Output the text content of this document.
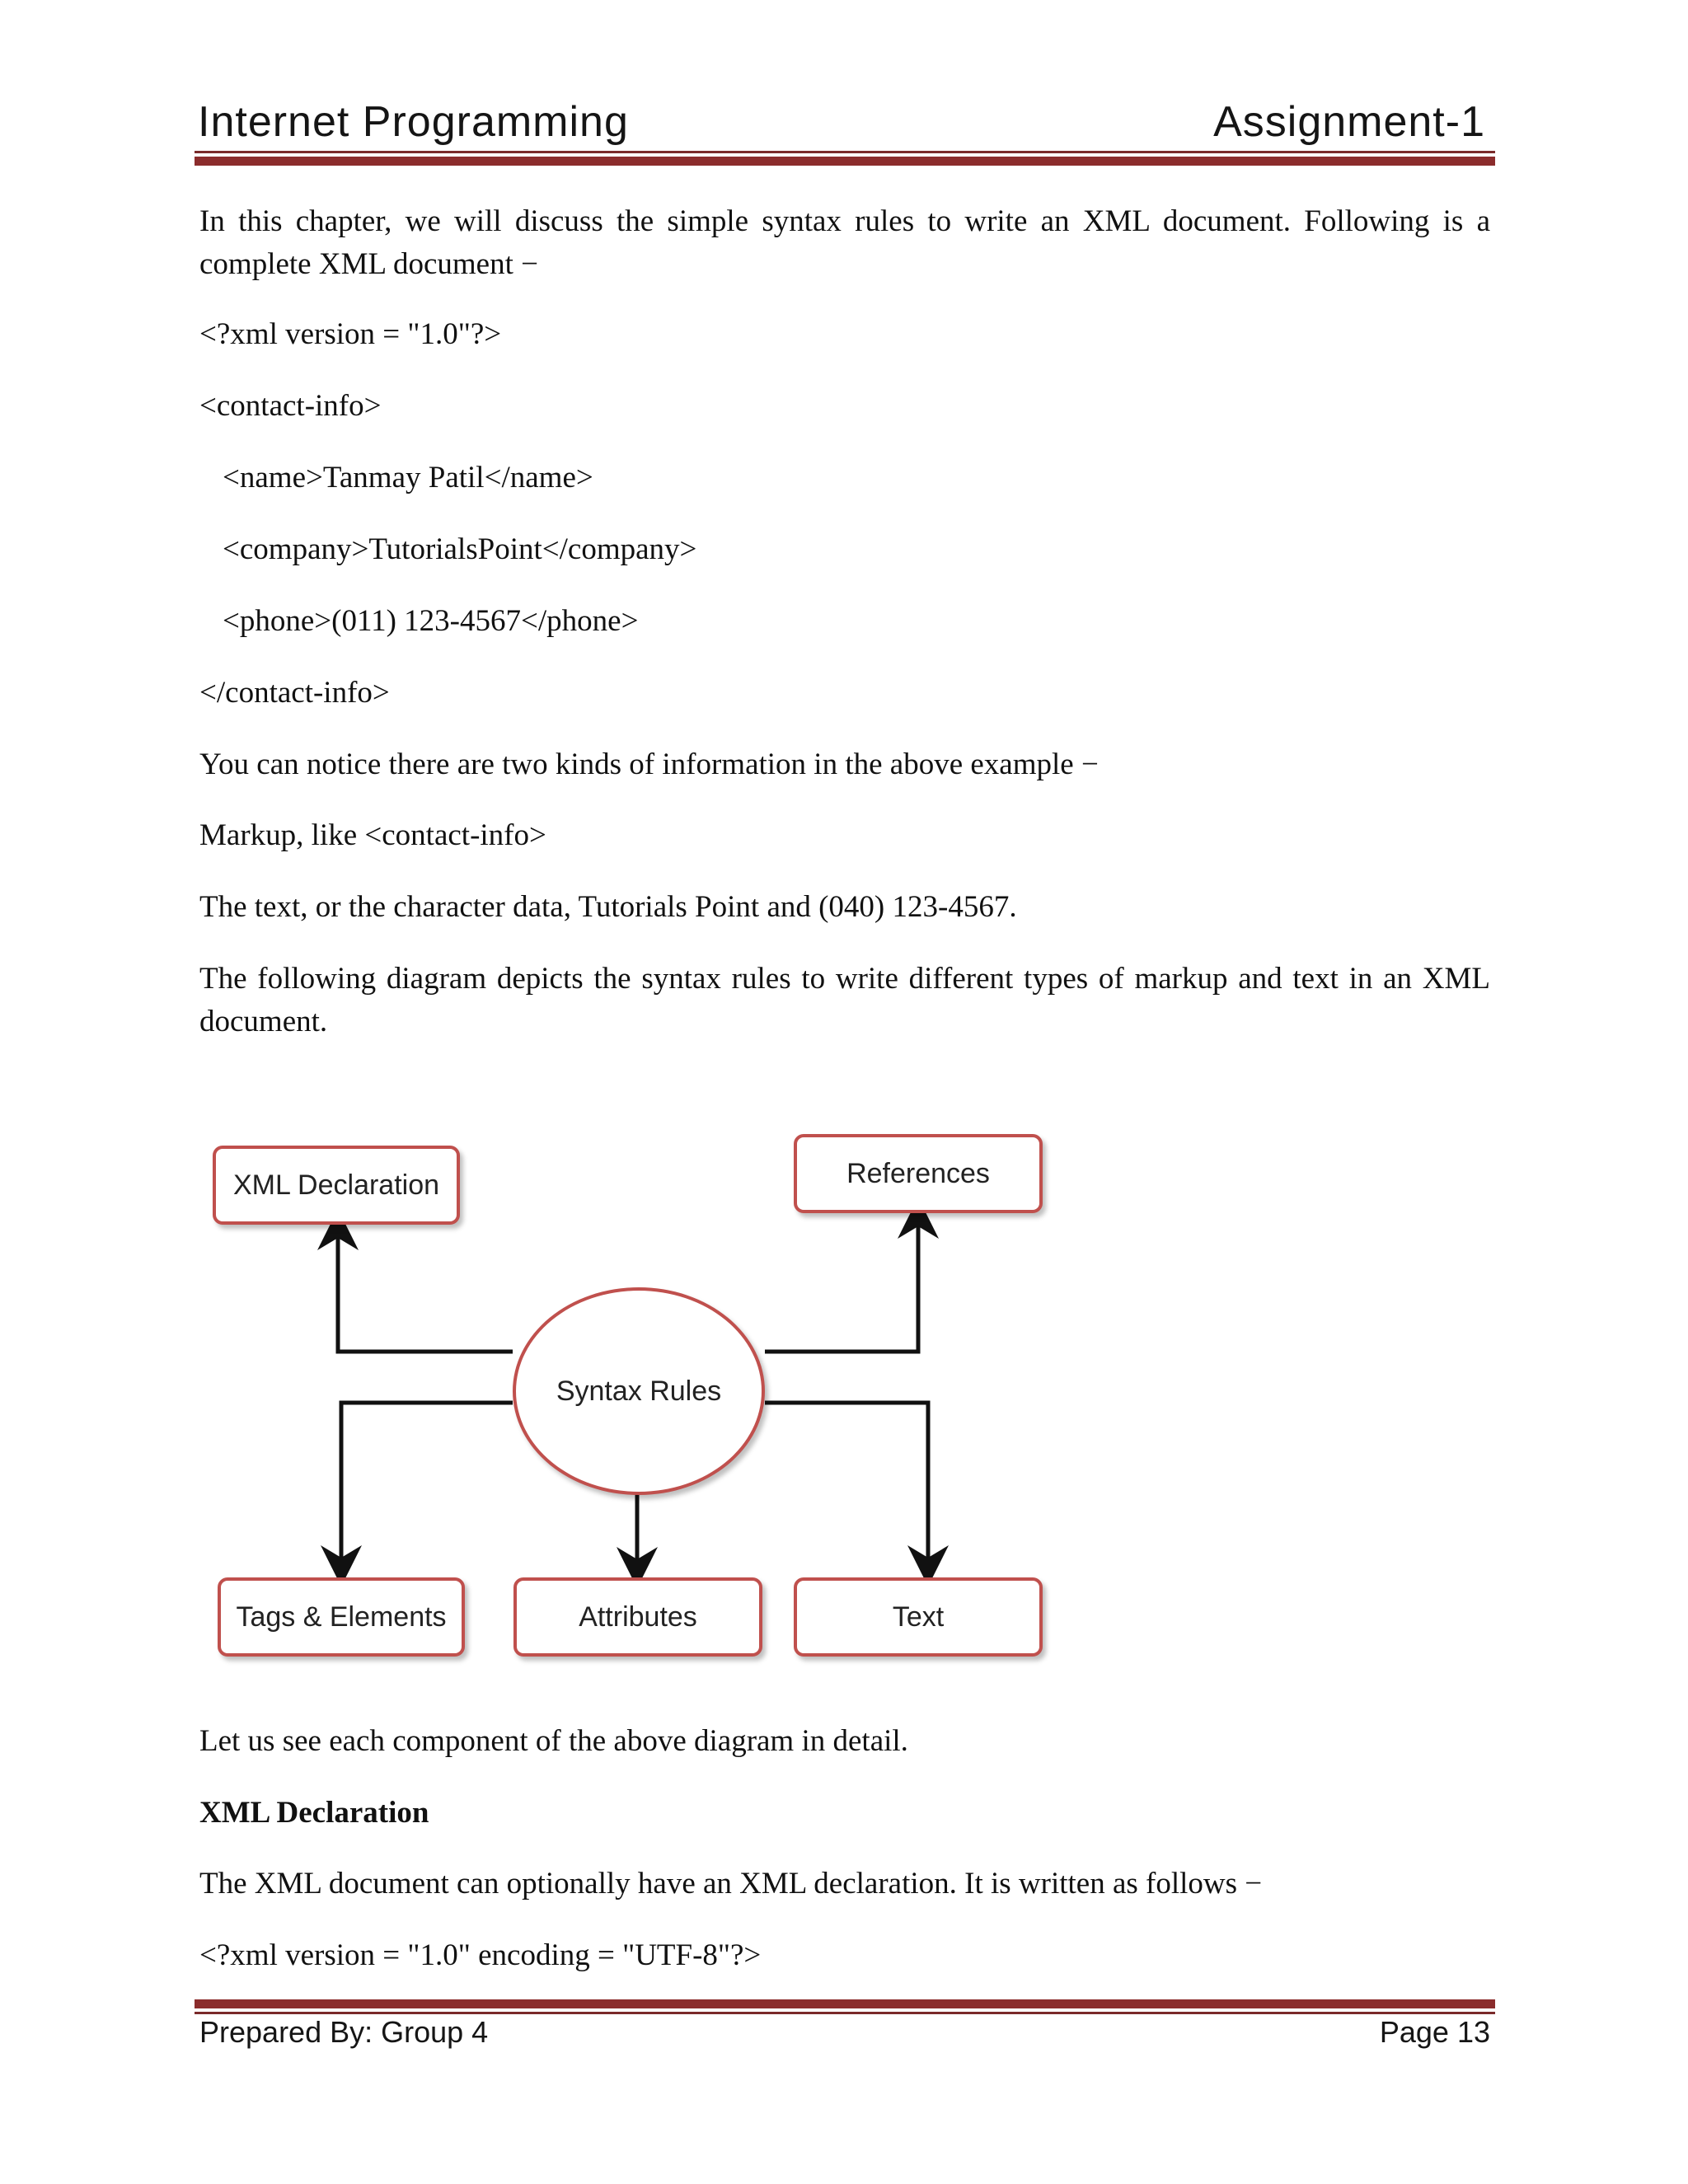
Internet Programming	Assignment-1
In this chapter, we will discuss the simple syntax rules to write an XML document. Following is a complete XML document −
<?xml version = "1.0"?>
<contact-info>
<name>Tanmay Patil</name>
<company>TutorialsPoint</company>
<phone>(011) 123-4567</phone>
</contact-info>
You can notice there are two kinds of information in the above example −
Markup, like <contact-info>
The text, or the character data, Tutorials Point and (040) 123-4567.
The following diagram depicts the syntax rules to write different types of markup and text in an XML document.
XML Declaration	References
Syntax Rules
Tags & Elements	Attributes	Text
Let us see each component of the above diagram in detail.
XML Declaration
The XML document can optionally have an XML declaration. It is written as follows −
<?xml version = "1.0" encoding = "UTF-8"?>
Prepared By: Group 4	Page 13
